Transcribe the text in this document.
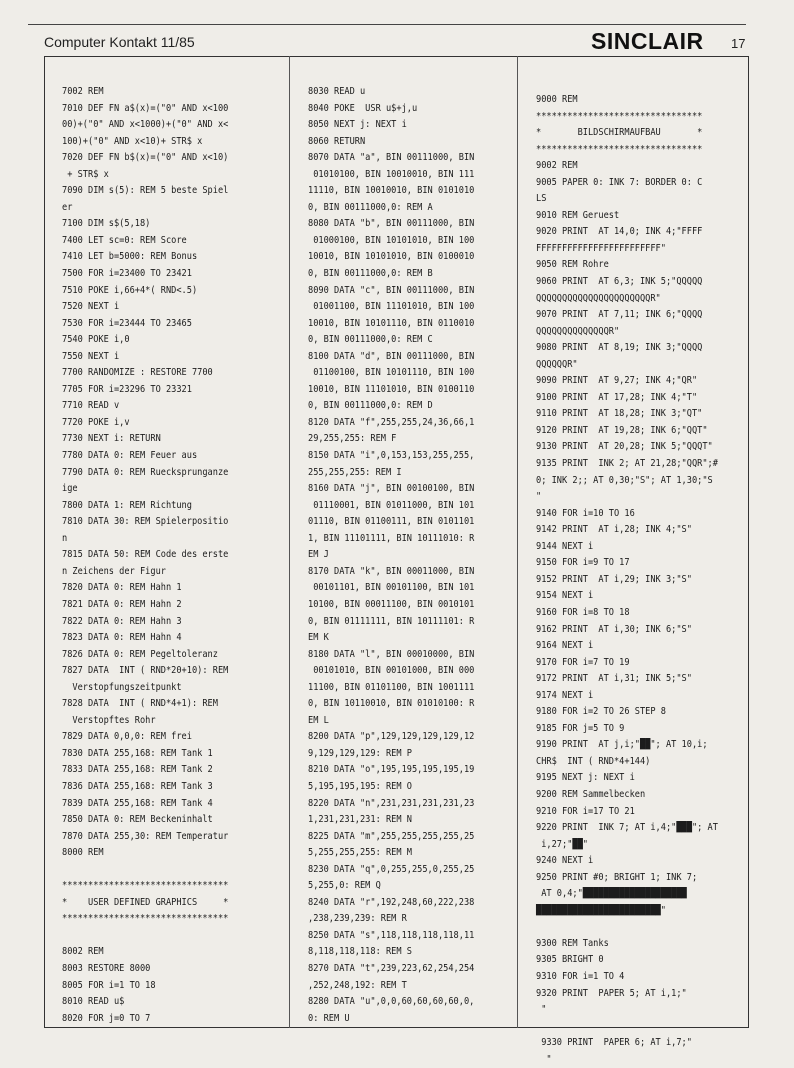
Computer Kontakt 11/85	SINCLAIR 17
7002 REM
7010 DEF FN a$(x)=("0" AND x<100
00)+("0" AND x<1000)+("0" AND x<
100)+("0" AND x<10)+ STR$ x
7020 DEF FN b$(x)=("0" AND x<10)
+ STR$ x
7090 DIM s(5): REM 5 beste Spiel
er
7100 DIM s$(5,18)
7400 LET sc=0: REM Score
7410 LET b=5000: REM Bonus
7500 FOR i=23400 TO 23421
7510 POKE i,66+4*( RND<.5)
7520 NEXT i
7530 FOR i=23444 TO 23465
7540 POKE i,0
7550 NEXT i
7700 RANDOMIZE : RESTORE 7700
7705 FOR i=23296 TO 23321
7710 READ v
7720 POKE i,v
7730 NEXT i: RETURN
7780 DATA 0: REM Feuer aus
7790 DATA 0: REM Ruecksprunganze
ige
7800 DATA 1: REM Richtung
7810 DATA 30: REM Spielerpositio
n
7815 DATA 50: REM Code des erste
n Zeichens der Figur
7820 DATA 0: REM Hahn 1
7821 DATA 0: REM Hahn 2
7822 DATA 0: REM Hahn 3
7823 DATA 0: REM Hahn 4
7826 DATA 0: REM Pegeltoleranz
7827 DATA  INT ( RND*20+10): REM
Verstopfungszeitpunkt
7828 DATA  INT ( RND*4+1): REM
Verstopftes Rohr
7829 DATA 0,0,0: REM frei
7830 DATA 255,168: REM Tank 1
7833 DATA 255,168: REM Tank 2
7836 DATA 255,168: REM Tank 3
7839 DATA 255,168: REM Tank 4
7850 DATA 0: REM Beckeninhalt
7870 DATA 255,30: REM Temperatur
8000 REM
********************************
*    USER DEFINED GRAPHICS     *
********************************
8002 REM
8003 RESTORE 8000
8005 FOR i=1 TO 18
8010 READ u$
8020 FOR j=0 TO 7
8030 READ u
8040 POKE  USR u$+j,u
8050 NEXT j: NEXT i
8060 RETURN
8070 DATA "a", BIN 00111000, BIN
01010100, BIN 10010010, BIN 111
11110, BIN 10010010, BIN 0101010
0, BIN 00111000,0: REM A
8080 DATA "b", BIN 00111000, BIN
01000100, BIN 10101010, BIN 100
10010, BIN 10101010, BIN 0100010
0, BIN 00111000,0: REM B
8090 DATA "c", BIN 00111000, BIN
01001100, BIN 11101010, BIN 100
10010, BIN 10101110, BIN 0110010
0, BIN 00111000,0: REM C
8100 DATA "d", BIN 00111000, BIN
01100100, BIN 10101110, BIN 100
10010, BIN 11101010, BIN 0100110
0, BIN 00111000,0: REM D
8120 DATA "f",255,255,24,36,66,1
29,255,255: REM F
8150 DATA "i",0,153,153,255,255,
255,255,255: REM I
8160 DATA "j", BIN 00100100, BIN
01110001, BIN 01011000, BIN 101
01110, BIN 01100111, BIN 0101101
1, BIN 11101111, BIN 10111010: R
EM J
8170 DATA "k", BIN 00011000, BIN
00101101, BIN 00101100, BIN 101
10100, BIN 00011100, BIN 0010101
0, BIN 01111111, BIN 10111101: R
EM K
8180 DATA "l", BIN 00010000, BIN
00101010, BIN 00101000, BIN 000
11100, BIN 01101100, BIN 1001111
0, BIN 10110010, BIN 01010100: R
EM L
8200 DATA "p",129,129,129,129,12
9,129,129,129: REM P
8210 DATA "o",195,195,195,195,19
5,195,195,195: REM O
8220 DATA "n",231,231,231,231,23
1,231,231,231: REM N
8225 DATA "m",255,255,255,255,25
5,255,255,255: REM M
8230 DATA "q",0,255,255,0,255,25
5,255,0: REM Q
8240 DATA "r",192,248,60,222,238
,238,239,239: REM R
8250 DATA "s",118,118,118,118,11
8,118,118,118: REM S
8270 DATA "t",239,223,62,254,254
,252,248,192: REM T
8280 DATA "u",0,0,60,60,60,60,0,
0: REM U
9000 REM
********************************
*       BILDSCHIRMAUFBAU       *
********************************
9002 REM
9005 PAPER 0: INK 7: BORDER 0: C
LS
9010 REM Geruest
9020 PRINT  AT 14,0; INK 4;"FFFF
FFFFFFFFFFFFFFFFFFFFFFFF"
9050 REM Rohre
9060 PRINT  AT 6,3; INK 5;"QQQQQ
QQQQQQQQQQQQQQQQQQQQQQR"
9070 PRINT  AT 7,11; INK 6;"QQQQ
QQQQQQQQQQQQQQR"
9080 PRINT  AT 8,19; INK 3;"QQQQ
QQQQQQR"
9090 PRINT  AT 9,27; INK 4;"QR"
9100 PRINT  AT 17,28; INK 4;"T"
9110 PRINT  AT 18,28; INK 3;"QT"
9120 PRINT  AT 19,28; INK 6;"QQT"
9130 PRINT  AT 20,28; INK 5;"QQQT"
9135 PRINT  INK 2; AT 21,28;"QQR";#
0; INK 2;; AT 0,30;"S"; AT 1,30;"S
"
9140 FOR i=10 TO 16
9142 PRINT  AT i,28; INK 4;"S"
9144 NEXT i
9150 FOR i=9 TO 17
9152 PRINT  AT i,29; INK 3;"S"
9154 NEXT i
9160 FOR i=8 TO 18
9162 PRINT  AT i,30; INK 6;"S"
9164 NEXT i
9170 FOR i=7 TO 19
9172 PRINT  AT i,31; INK 5;"S"
9174 NEXT i
9180 FOR i=2 TO 26 STEP 8
9185 FOR j=5 TO 9
9190 PRINT  AT j,i;"██"; AT 10,i;
CHR$  INT ( RND*4+144)
9195 NEXT j: NEXT i
9200 REM Sammelbecken
9210 FOR i=17 TO 21
9220 PRINT  INK 7; AT i,4;"███"; AT
i,27;"██"
9240 NEXT i
9250 PRINT #0; BRIGHT 1; INK 7;
AT 0,4;"████████████████████
████████████████████████"
9300 REM Tanks
9305 BRIGHT 0
9310 FOR i=1 TO 4
9320 PRINT  PAPER 5; AT i,1;"
"
9330 PRINT  PAPER 6; AT i,7;"
"
